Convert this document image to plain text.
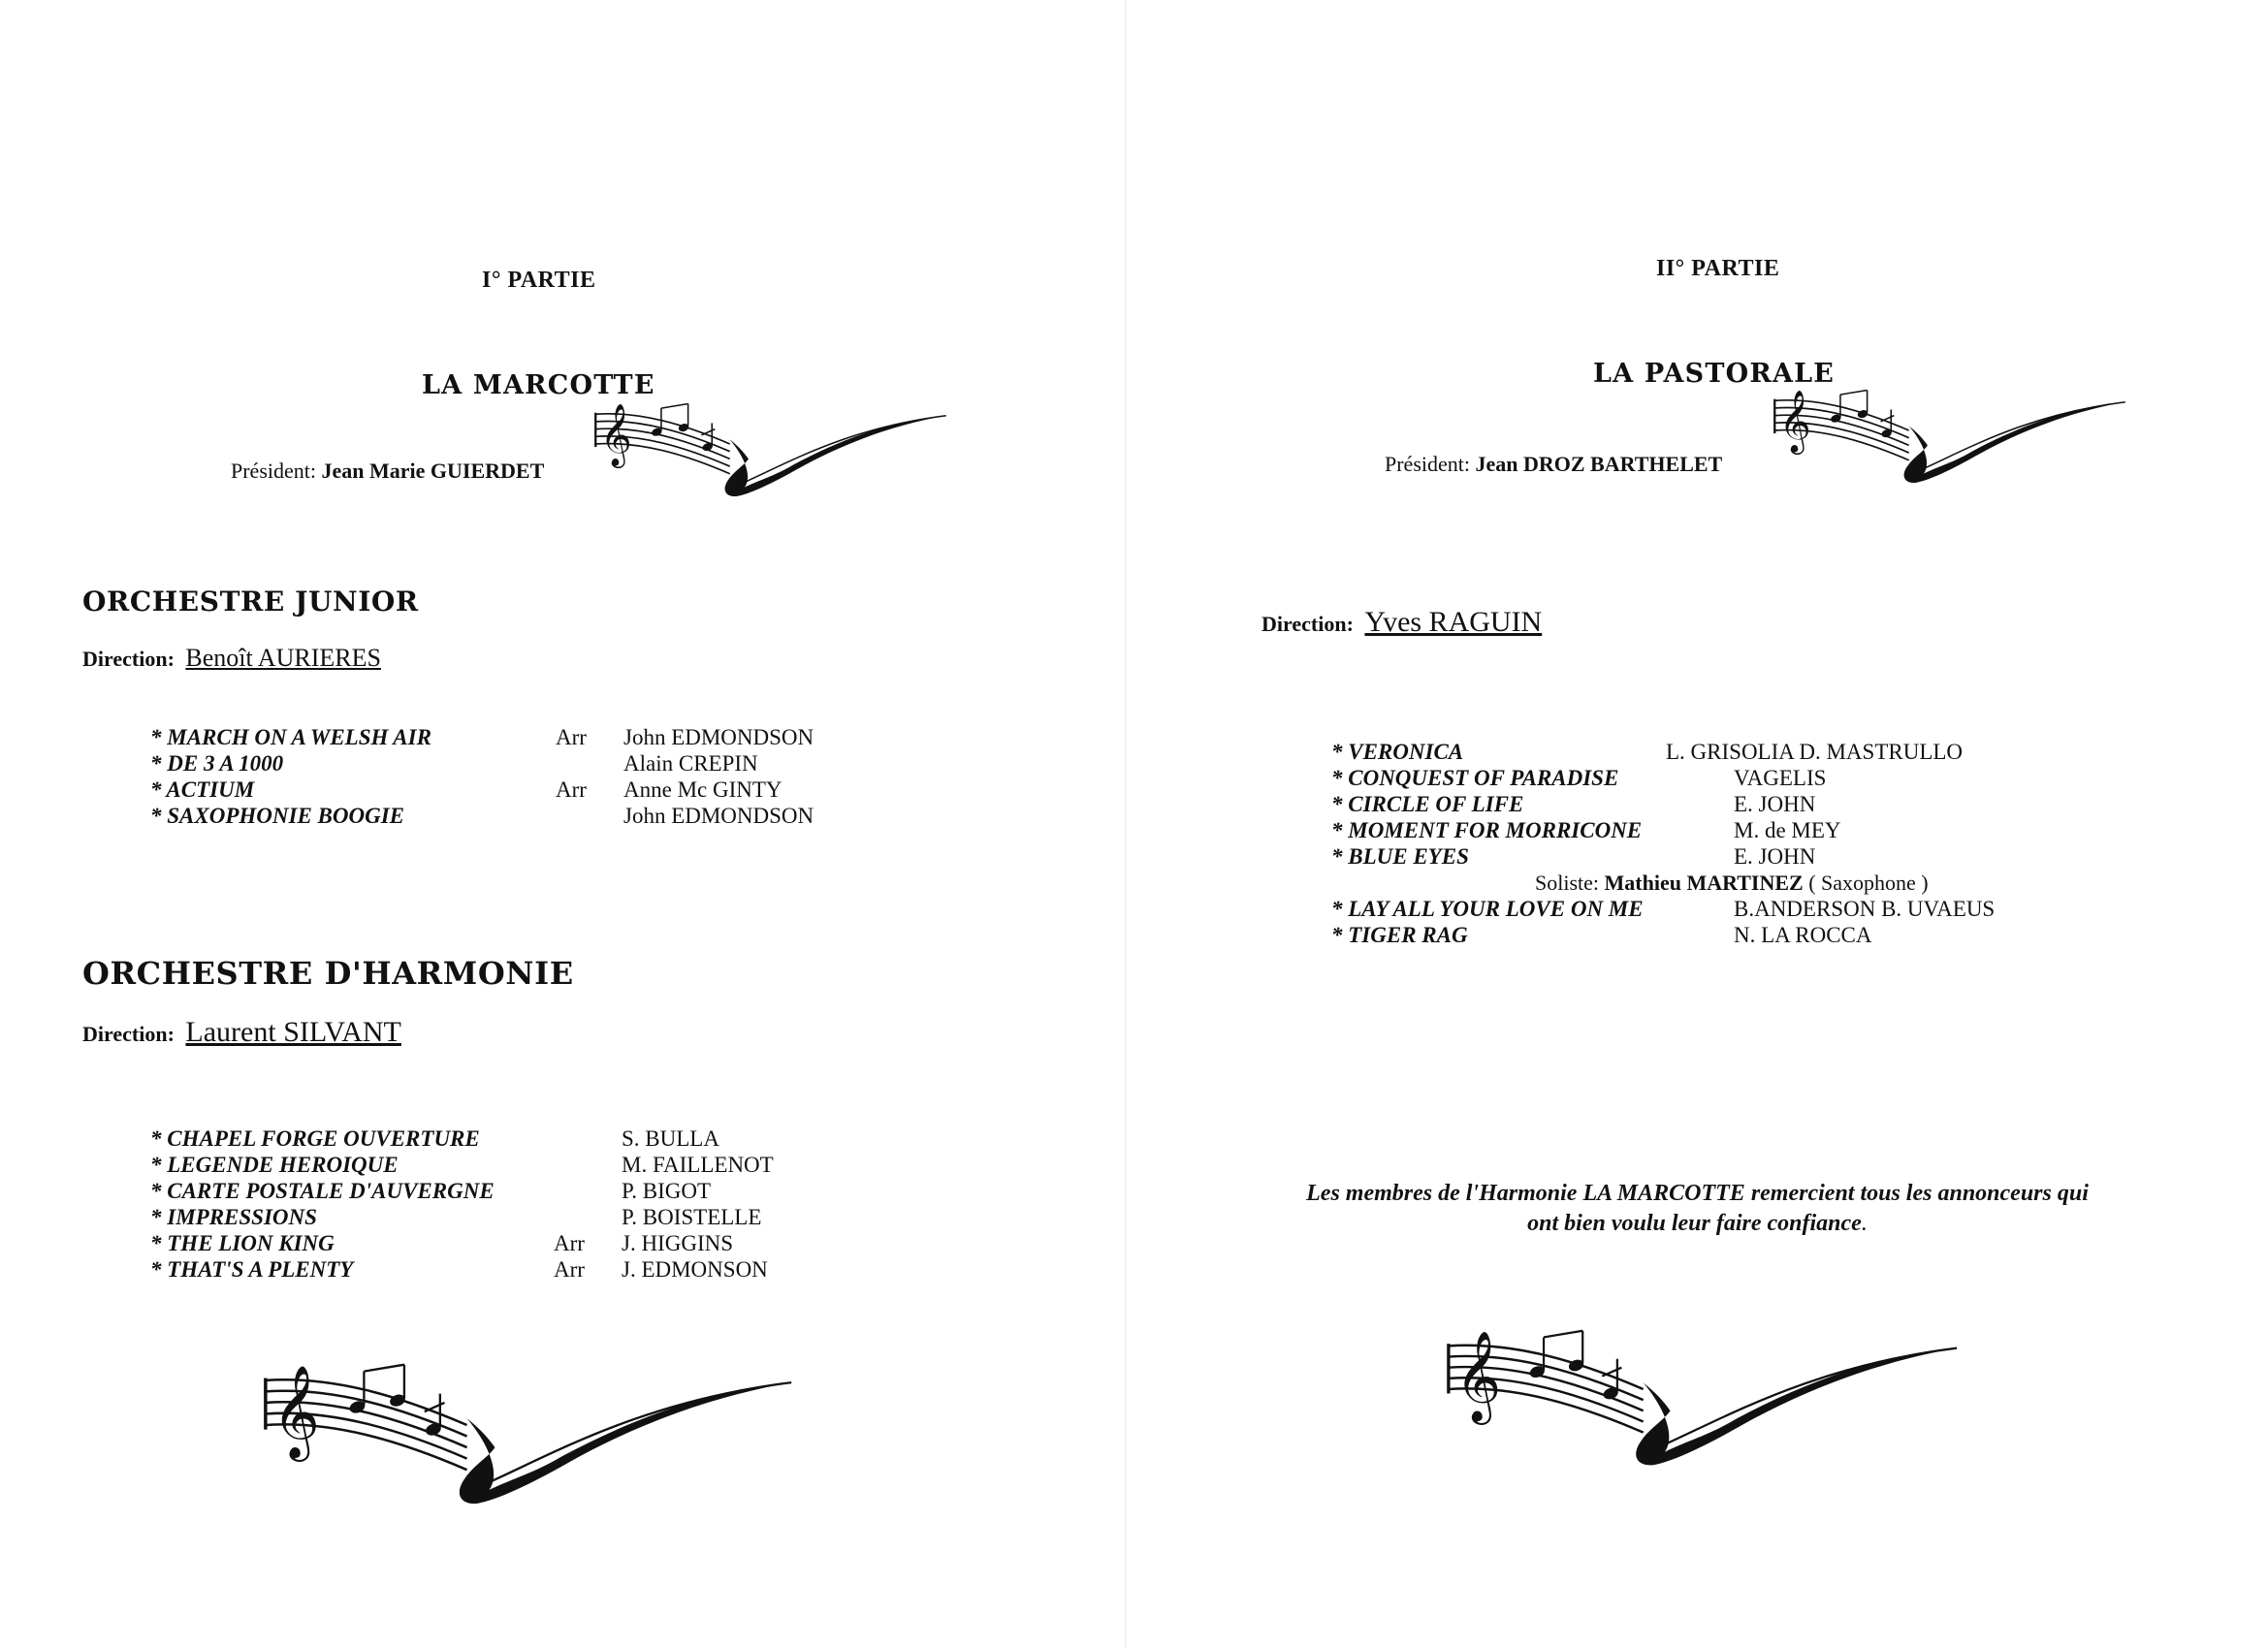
I° PARTIE
LA MARCOTTE
Président: Jean Marie GUIERDET
ORCHESTRE JUNIOR
Direction: Benoît AURIERES
* MARCH ON A WELSH AIR	Arr John EDMONDSON
* DE 3 A 1000	Alain CREPIN
* ACTIUM	Arr Anne Mc GINTY
* SAXOPHONIE BOOGIE	John EDMONDSON
ORCHESTRE D'HARMONIE
Direction: Laurent SILVANT
* CHAPEL FORGE OUVERTURE	S. BULLA
* LEGENDE HEROIQUE	M. FAILLENOT
* CARTE POSTALE D'AUVERGNE	P. BIGOT
* IMPRESSIONS	P. BOISTELLE
* THE LION KING	Arr J. HIGGINS
* THAT'S A PLENTY	Arr J. EDMONSON
II° PARTIE
LA PASTORALE
Président: Jean DROZ BARTHELET
Direction: Yves RAGUIN
* VERONICA	L. GRISOLIA D. MASTRULLO
* CONQUEST OF PARADISE	VAGELIS
* CIRCLE OF LIFE	E. JOHN
* MOMENT FOR MORRICONE	M. de MEY
* BLUE EYES	E. JOHN
Soliste: Mathieu MARTINEZ ( Saxophone )
* LAY ALL YOUR LOVE ON ME	B.ANDERSON B. UVAEUS
* TIGER RAG	N. LA ROCCA
Les membres de l'Harmonie LA MARCOTTE remercient tous les annonceurs qui
ont bien voulu leur faire confiance.
